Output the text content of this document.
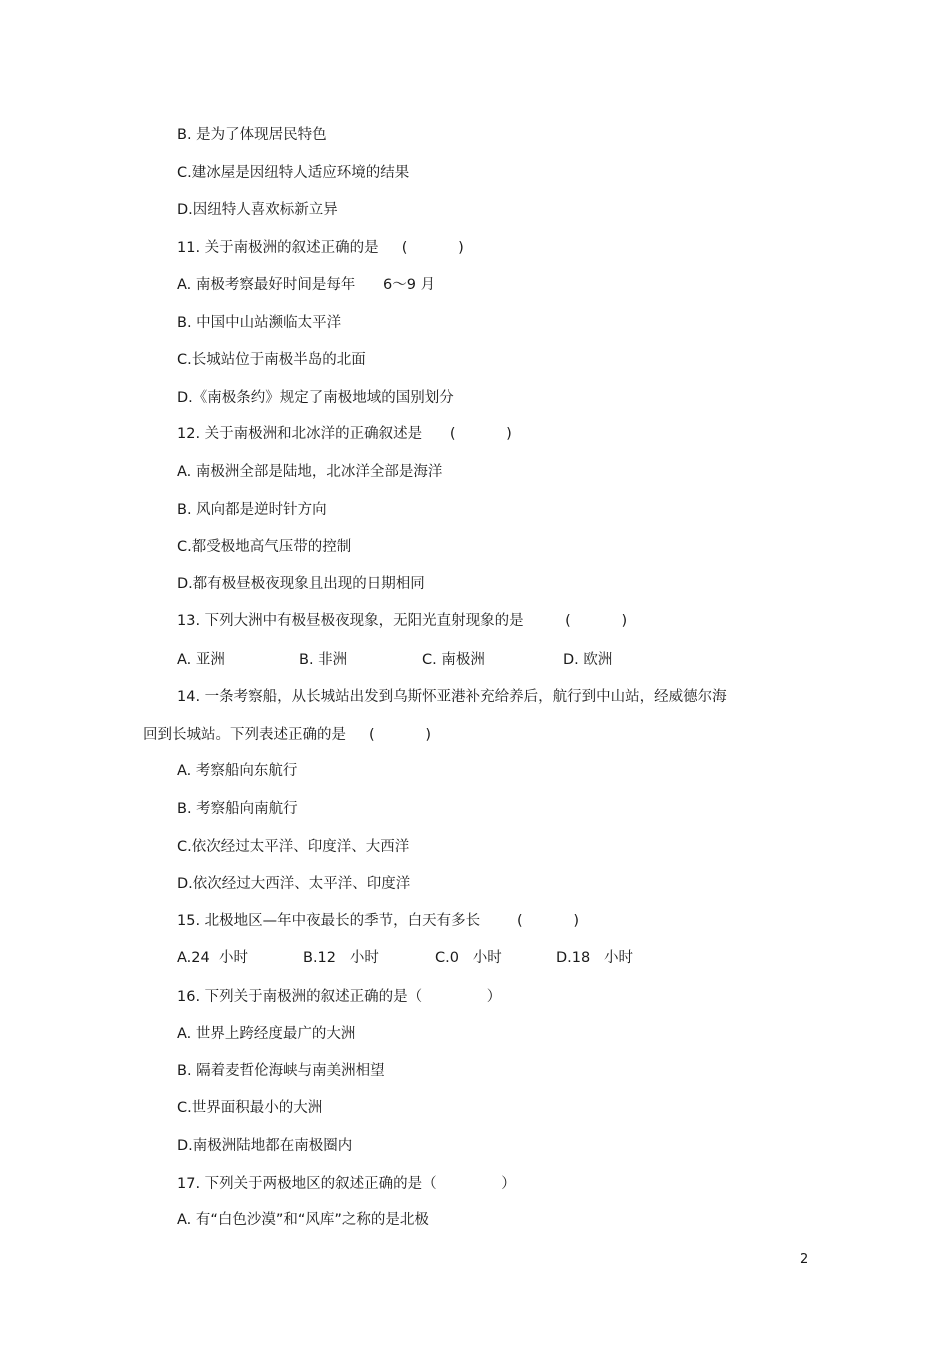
B. 是为了体现居民特色
C.建冰屋是因纽特人适应环境的结果
D.因纽特人喜欢标新立异
11. 关于南极洲的叙述正确的是     (           )
A. 南极考察最好时间是每年      6～9 月
B. 中国中山站濒临太平洋
C.长城站位于南极半岛的北面
D.《南极条约》规定了南极地域的国别划分
12. 关于南极洲和北冰洋的正确叙述是      (           )
A. 南极洲全部是陆地，北冰洋全部是海洋
B. 风向都是逆时针方向
C.都受极地高气压带的控制
D.都有极昼极夜现象且出现的日期相同
13. 下列大洲中有极昼极夜现象，无阳光直射现象的是         (           )

A. 亚洲

	B. 非洲

	C. 南极洲

	D. 欧洲

14. 一条考察船，从长城站出发到乌斯怀亚港补充给养后，航行到中山站，经威德尔海
回到长城站。下列表述正确的是     (           )
A. 考察船向东航行
B. 考察船向南航行
C.依次经过太平洋、印度洋、大西洋
D.依次经过大西洋、太平洋、印度洋
15. 北极地区—年中夜最长的季节，白天有多长        (           )

A.24  小时

	B.12   小时

	C.0   小时

	D.18   小时

16. 下列关于南极洲的叙述正确的是（              ）
A. 世界上跨经度最广的大洲
B. 隔着麦哲伦海峡与南美洲相望
C.世界面积最小的大洲
D.南极洲陆地都在南极圈内
17. 下列关于两极地区的叙述正确的是（              ）
A. 有“白色沙漠”和“风库”之称的是北极
2
